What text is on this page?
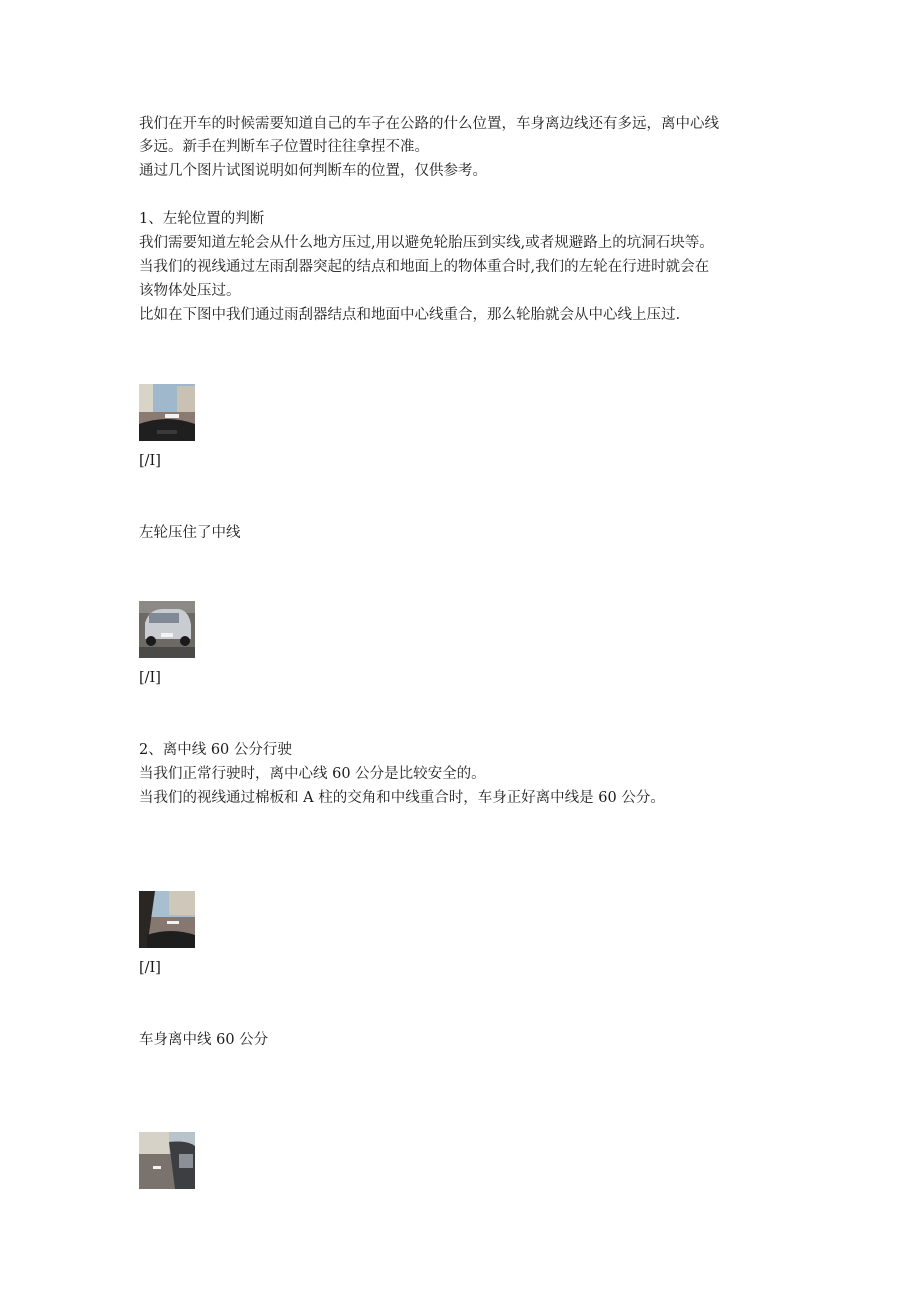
我们在开车的时候需要知道自己的车子在公路的什么位置，车身离边线还有多远，离中心线
多远。新手在判断车子位置时往往拿捏不准。
通过几个图片试图说明如何判断车的位置，仅供参考。
1、左轮位置的判断
我们需要知道左轮会从什么地方压过,用以避免轮胎压到实线,或者规避路上的坑洞石块等。
当我们的视线通过左雨刮器突起的结点和地面上的物体重合时,我们的左轮在行进时就会在
该物体处压过。
比如在下图中我们通过雨刮器结点和地面中心线重合，那么轮胎就会从中心线上压过.
[/I]
左轮压住了中线
[/I]
2、离中线 60 公分行驶
当我们正常行驶时，离中心线 60 公分是比较安全的。
当我们的视线通过棉板和 A 柱的交角和中线重合时，车身正好离中线是 60 公分。
[/I]
车身离中线 60 公分
